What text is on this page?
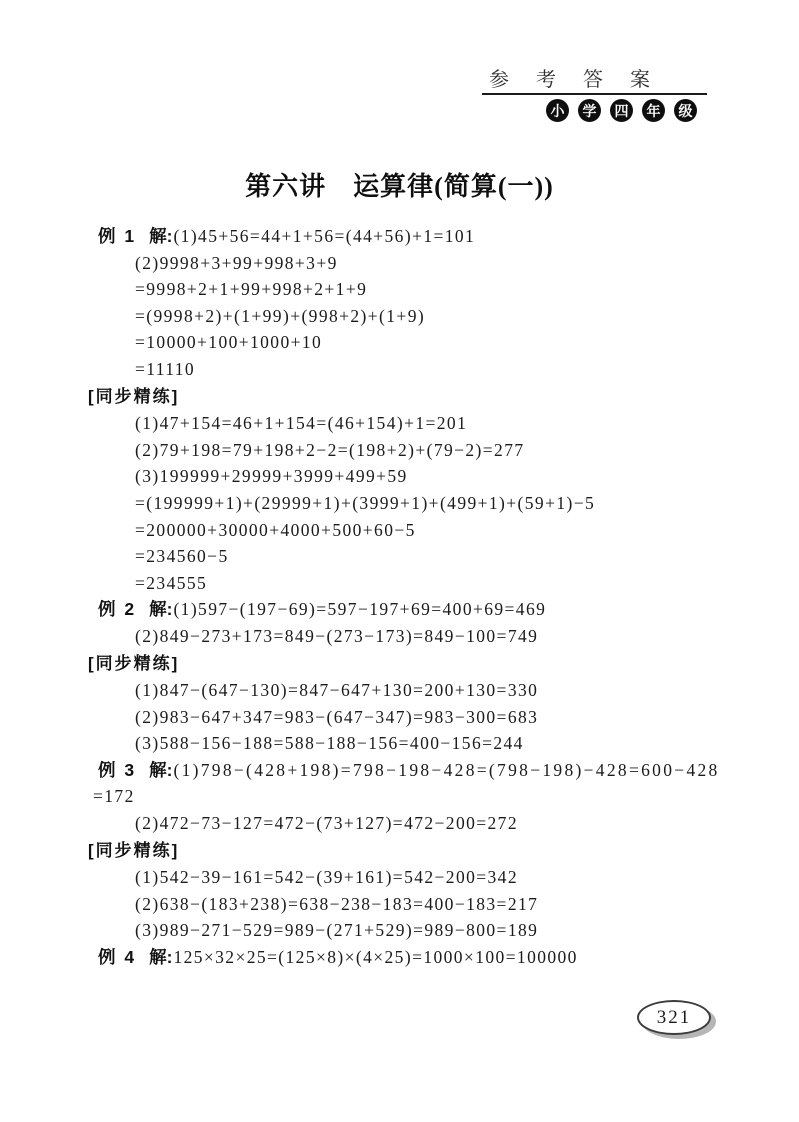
参 考 答 案
小	学	四	年	级
第六讲　运算律(简算(一))
例 1 解:(1)45+56=44+1+56=(44+56)+1=101
(2)9998+3+99+998+3+9
=9998+2+1+99+998+2+1+9
=(9998+2)+(1+99)+(998+2)+(1+9)
=10000+100+1000+10
=11110
[同步精练]
(1)47+154=46+1+154=(46+154)+1=201
(2)79+198=79+198+2−2=(198+2)+(79−2)=277
(3)199999+29999+3999+499+59
=(199999+1)+(29999+1)+(3999+1)+(499+1)+(59+1)−5
=200000+30000+4000+500+60−5
=234560−5
=234555
例 2 解:(1)597−(197−69)=597−197+69=400+69=469
(2)849−273+173=849−(273−173)=849−100=749
[同步精练]
(1)847−(647−130)=847−647+130=200+130=330
(2)983−647+347=983−(647−347)=983−300=683
(3)588−156−188=588−188−156=400−156=244
例 3 解:(1)798−(428+198)=798−198−428=(798−198)−428=600−428
=172
(2)472−73−127=472−(73+127)=472−200=272
[同步精练]
(1)542−39−161=542−(39+161)=542−200=342
(2)638−(183+238)=638−238−183=400−183=217
(3)989−271−529=989−(271+529)=989−800=189
例 4 解:125×32×25=(125×8)×(4×25)=1000×100=100000
321
